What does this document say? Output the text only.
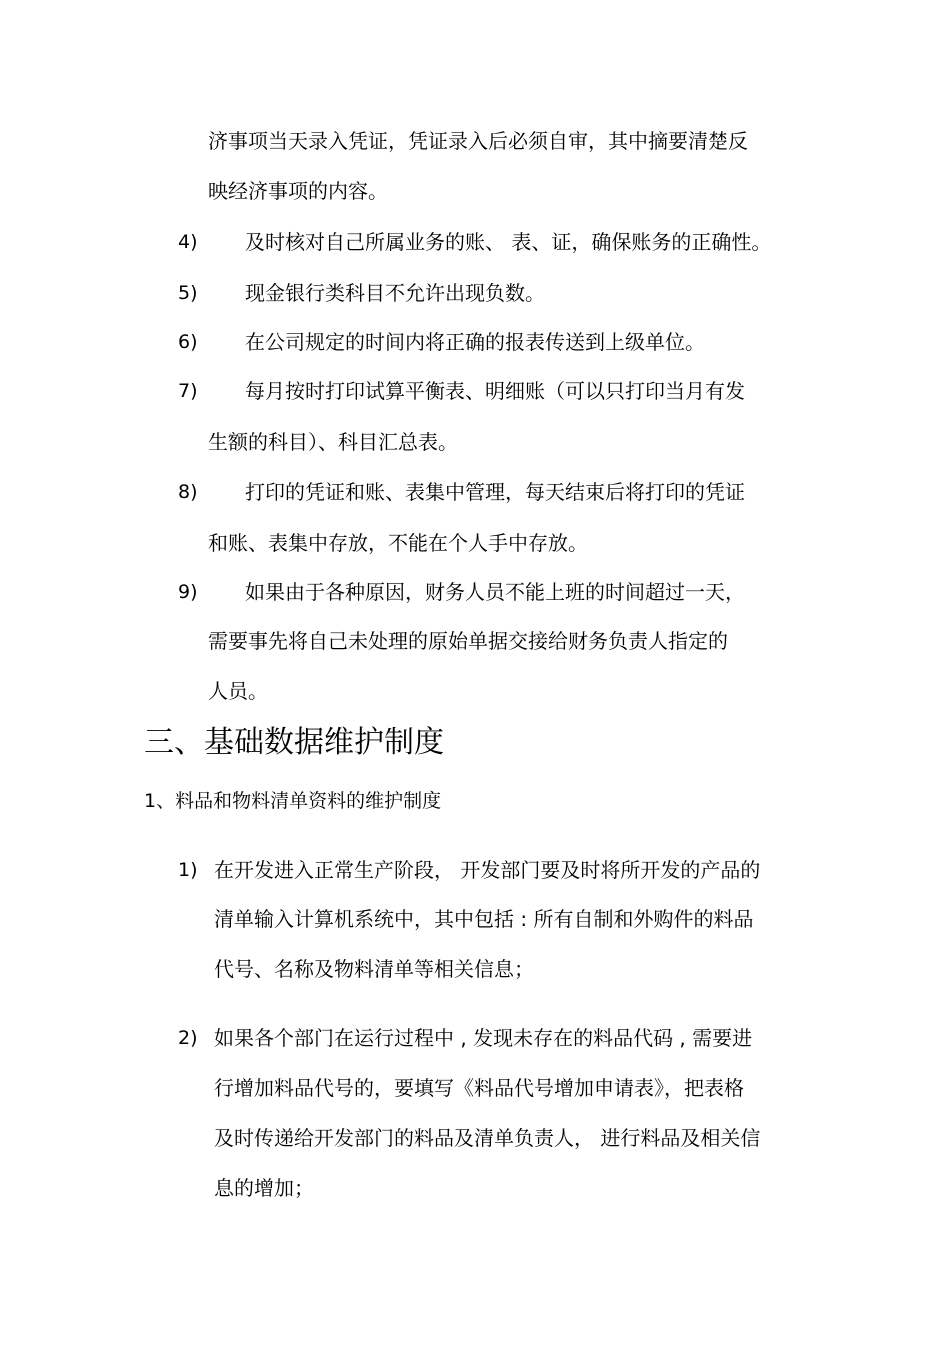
济事项当天录入凭证，凭证录入后必须自审，其中摘要清楚反
映经济事项的内容。
4) 及时核对自己所属业务的账、 表、证，确保账务的正确性。
5) 现金银行类科目不允许出现负数。
6) 在公司规定的时间内将正确的报表传送到上级单位。
7) 每月按时打印试算平衡表、明细账（可以只打印当月有发
生额的科目）、科目汇总表。
8) 打印的凭证和账、表集中管理，每天结束后将打印的凭证
和账、表集中存放，不能在个人手中存放。
9) 如果由于各种原因，财务人员不能上班的时间超过一天，
需要事先将自己未处理的原始单据交接给财务负责人指定的
人员。
三、基础数据维护制度
1、料品和物料清单资料的维护制度
1) 在开发进入正常生产阶段， 开发部门要及时将所开发的产品的
清单输入计算机系统中，其中包括 : 所有自制和外购件的料品
代号、名称及物料清单等相关信息；
2) 如果各个部门在运行过程中 , 发现未存在的料品代码 , 需要进
行增加料品代号的，要填写《料品代号增加申请表》，把表格
及时传递给开发部门的料品及清单负责人， 进行料品及相关信
息的增加；
